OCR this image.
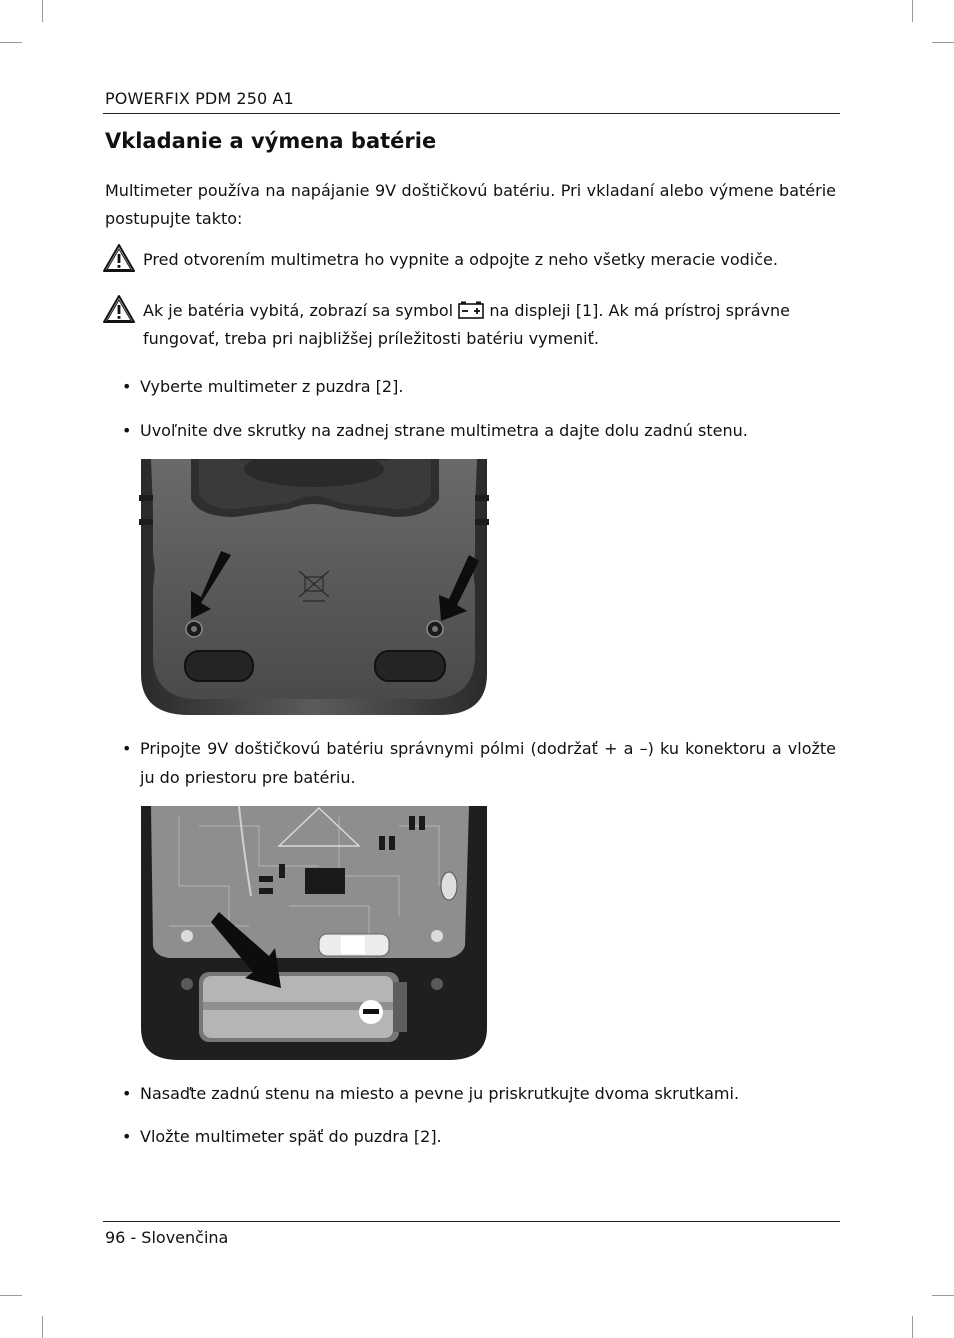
POWERFIX PDM 250 A1
Vkladanie a výmena batérie

Multimeter používa na napájanie 9V doštičkovú batériu. Pri vkladaní alebo výmene batérie postupujte takto:

Pred otvorením multimetra ho vypnite a odpojte z neho všetky meracie vodiče.

Ak je batéria vybitá, zobrazí sa symbol na displeji [1]. Ak má prístroj správne fungovať, treba pri najbližšej príležitosti batériu vymeniť.

• Vyberte multimeter z puzdra [2].

• Uvoľnite dve skrutky na zadnej strane multimetra a dajte dolu zadnú stenu.

• Pripojte 9V doštičkovú batériu správnymi pólmi (dodržať + a –) ku konektoru a vložte ju do priestoru pre batériu.

• Nasaďte zadnú stenu na miesto a pevne ju priskrutkujte dvoma skrutkami.

• Vložte multimeter späť do puzdra [2].

96 - Slovenčina
